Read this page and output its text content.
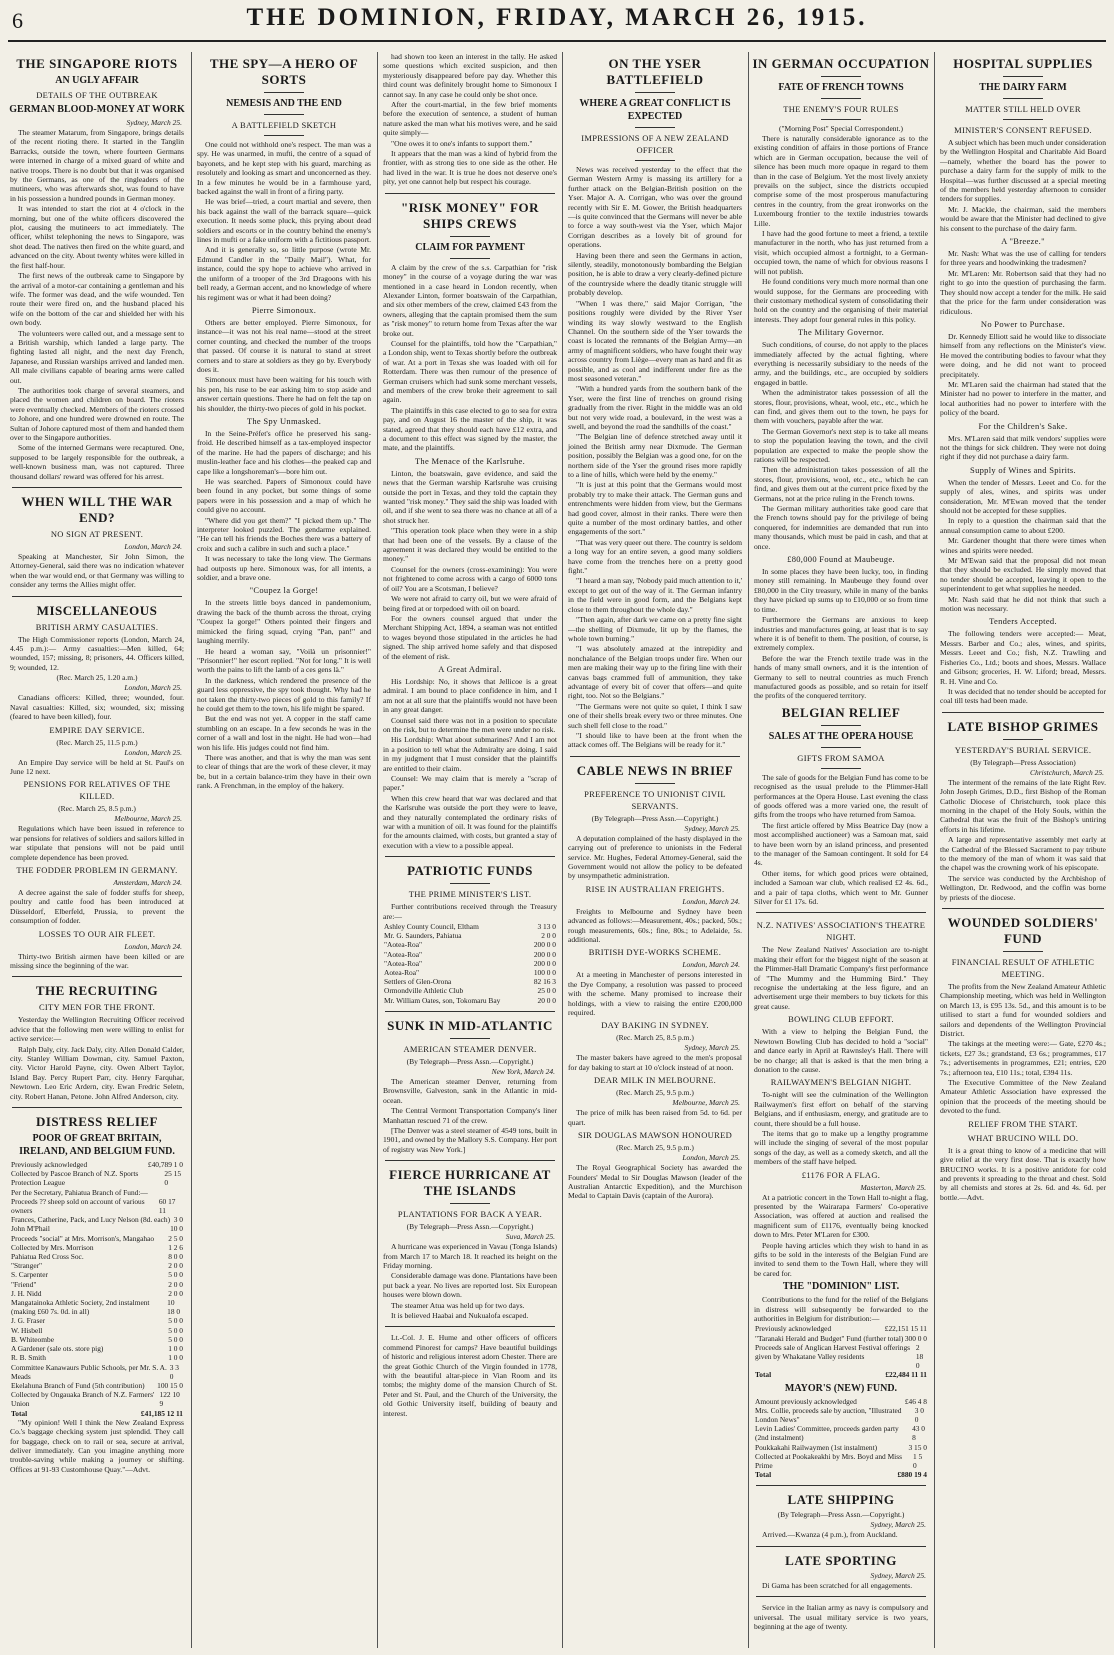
6	THE DOMINION, FRIDAY, MARCH 26, 1915.
THE SINGAPORE RIOTS
AN UGLY AFFAIR
DETAILS OF THE OUTBREAK
GERMAN BLOOD-MONEY AT WORK
Sydney, March 25.

The steamer Matarum, from Singapore, brings details of the recent rioting there. It started in the Tanglin Barracks, outside the town, where fourteen Germans were interned in charge of a mixed guard of white and native troops. There is no doubt but that it was organised by the Germans, as one of the ringleaders of the mutineers, who was afterwards shot, was found to have in his possession a hundred pounds in German money.

It was intended to start the riot at 4 o'clock in the morning, but one of the white officers discovered the plot, causing the mutineers to act immediately. The officer, whilst telephoning the news to Singapore, was shot dead. The natives then fired on the white guard, and advanced on the city. About twenty whites were killed in the first half-hour.

The first news of the outbreak came to Singapore by the arrival of a motor-car containing a gentleman and his wife. The former was dead, and the wife wounded. Ten route their were fired on, and the husband placed his wife on the bottom of the car and shielded her with his own body.

The volunteers were called out, and a message sent to a British warship, which landed a large party. The fighting lasted all night, and the next day French, Japanese, and Russian warships arrived and landed men. All male civilians capable of bearing arms were called out.

The authorities took charge of several steamers, and placed the women and children on board. The rioters were eventually checked. Members of the rioters crossed to Johore, and one hundred were drowned en route. The Sultan of Johore captured most of them and handed them over to the Singapore authorities.

Some of the interned Germans were recaptured. One, supposed to be largely responsible for the outbreak, a well-known business man, was not captured. Three thousand dollars' reward was offered for his arrest.

WHEN WILL THE WAR END?
NO SIGN AT PRESENT.
London, March 24.

Speaking at Manchester, Sir John Simon, the Attorney-General, said there was no indication whatever when the war would end, or that Germany was willing to consider any terms the Allies might offer.

MISCELLANEOUS
BRITISH ARMY CASUALTIES.

The High Commissioner reports (London, March 24, 4.45 p.m.):— Army casualties:—Men killed, 64; wounded, 157; missing, 8; prisoners, 44. Officers killed, 9; wounded, 12.

(Rec. March 25, 1.20 a.m.)
London, March 25.

Canadians officers: Killed, three; wounded, four. Naval casualties: Killed, six; wounded, six; missing (feared to have been killed), four.

EMPIRE DAY SERVICE.
(Rec. March 25, 11.5 p.m.)
London, March 25.

An Empire Day service will be held at St. Paul's on June 12 next.

PENSIONS FOR RELATIVES OF THE KILLED.
(Rec. March 25, 8.5 p.m.)
Melbourne, March 25.

Regulations which have been issued in reference to war pensions for relatives of soldiers and sailors killed in war stipulate that pensions will not be paid until complete dependence has been proved.

THE FODDER PROBLEM IN GERMANY.
Amsterdam, March 24.

A decree against the sale of fodder stuffs for sheep, poultry and cattle food has been introduced at Düsseldorf, Elberfeld, Prussia, to prevent the consumption of fodder.

LOSSES TO OUR AIR FLEET.
London, March 24.

Thirty-two British airmen have been killed or are missing since the beginning of the war.

THE RECRUITING
CITY MEN FOR THE FRONT.

Yesterday the Wellington Recruiting Officer received advice that the following men were willing to enlist for active service:—

Ralph Daly, city. Jack Daly, city. Allen Donald Calder, city. Stanley William Dowman, city. Samuel Paxton, city. Victor Harold Payne, city. Owen Albert Taylor, Island Bay. Percy Rupert Parr, city. Henry Farquhar, Newtown. Leo Eric Ardern, city. Ewan Fredric Seletn, city. Robert Hanan, Petone. John Alfred Anderson, city.

DISTRESS RELIEF
POOR OF GREAT BRITAIN, IRELAND, AND BELGIUM FUND.
Previously acknowledged	£40,789 1 0
Collected by Pascoe Branch of N.Z. Sports Protection League
25 15 0
Per the Secretary, Pahiatua Branch of Fund:—
Proceeds ?? sheep sold on account of various owners
60 17 11
Frances, Catherine, Pack, and Lucy Nelson (8d. each) 3 0
John M'Phail	10 0
Proceeds "social" at Mrs. Morrison's, Mangahao 2 5 0
Collected by Mrs. Morrison	1 2 6
Pahiatua Red Cross Soc.	8 0 0
"Stranger"	2 0 0
S. Carpenter	5 0 0
"Friend"	2 0 0
J. H. Nidd	2 0 0
Mangatainoka Athletic Society, 2nd instalment (making £60 7s. 0d. in all)
10 18 0
J. G. Fraser	5 0 0
W. Hisbell	5 0 0
B. Whiteombe	5 0 0
A Gardener (sale ots. store pig)	1 0 0
R. B. Smith	1 0 0
Committee Kanawaurs Public Schools, per Mr. S. A. Meads
3 3 0
Ekelahuna Branch of Fund (5th contribution) 100 15 0
Collected by Ongauaka Branch of N.Z. Farmers' Union
122 10 9
Total	£41,185 12 11

"My opinion! Well I think the New Zealand Express Co.'s baggage checking system just splendid. They call for baggage, check on to rail or sea, secure at arrival, deliver immediately. Can you imagine anything more trouble-saving while making a journey or shifting. Offices at 91-93 Customhouse Quay."—Advt.

THE SPY—A HERO OF SORTS
NEMESIS AND THE END
A BATTLEFIELD SKETCH

One could not withhold one's respect. The man was a spy. He was unarmed, in mufti, the centre of a squad of bayonets, and he kept step with his guard, marching as resolutely and looking as smart and unconcerned as they. In a few minutes he would be in a farmhouse yard, backed against the wall in front of a firing party.

He was brief—tried, a court martial and severe, then his back against the wall of the barrack square—quick execution. It needs some pluck, this prying about dead soldiers and escorts or in the country behind the enemy's lines in mufti or a fake uniform with a fictitious passport.

And it is generally so, so little purpose (wrote Mr. Edmund Candler in the "Daily Mail"). What, for instance, could the spy hope to achieve who arrived in the uniform of a trooper of the 3rd Dragoons with his bell ready, a German accent, and no knowledge of where his regiment was or what it had been doing?

Pierre Simonoux.

Others are better employed. Pierre Simonoux, for instance—it was not his real name—stood at the street corner counting, and checked the number of the troops that passed. Of course it is natural to stand at street corners and to stare at soldiers as they go by. Everybody does it.

Simonoux must have been waiting for his touch with his pen, his ruse to be ear asking him to stop aside and answer certain questions. There he had on felt the tap on his shoulder, the thirty-two pieces of gold in his pocket.

The Spy Unmasked.

In the Seine-Préfet's office he preserved his sang-froid. He described himself as a tax-employed inspector of the marine. He had the papers of discharge; and his muslin-leather face and his clothes—the peaked cap and cape like a longshoreman's—bore him out.

He was searched. Papers of Simonoux could have been found in any pocket, but some things of some papers were in his possession and a map of which he could give no account.

"Where did you get them?" "I picked them up." The interpreter looked puzzled. The gendarme explained. "He can tell his friends the Boches there was a battery of croix and such a calibre in such and such a place."

It was necessary to take the long view. The Germans had outposts up here. Simonoux was, for all intents, a soldier, and a brave one.

"Coupez la Gorge!

In the streets little boys danced in pandemonium, drawing the back of the thumb across the throat, crying "Coupez la gorge!" Others pointed their fingers and mimicked the firing squad, crying "Pan, pan!" and laughing merrily.

He heard a woman say, "Voilà un prisonnier!" "Prisonnier!" her escort replied. "Not for long." It is well worth the pains to lift the lamb of a ces gens là."

In the darkness, which rendered the presence of the guard less oppressive, the spy took thought. Why had he not taken the thirty-two pieces of gold to this family? If he could get them to the town, his life might be spared.

But the end was not yet. A copper in the staff came stumbling on an escape. In a few seconds he was in the corner of a wall and lost in the night. He had won—had won his life. His judges could not find him.

There was another, and that is why the man was sent to clear of things that are the work of these clever, it may be, but in a certain balance-trim they have in their own rank. A Frenchman, in the employ of the hakery.

had shown too keen an interest in the tally. He asked some questions which excited suspicion, and then mysteriously disappeared before pay day. Whether this third count was definitely brought home to Simonoux I cannot say. In any case he could only be shot once.

After the court-martial, in the few brief moments before the execution of sentence, a student of human nature asked the man what his motives were, and he said quite simply—

"One owes it to one's infants to support them."

It appears that the man was a kind of hybrid from the frontier, with as strong ties to one side as the other. He had lived in the war. It is true he does not deserve one's pity, yet one cannot help but respect his courage.

"RISK MONEY" FOR SHIPS CREWS
CLAIM FOR PAYMENT

A claim by the crew of the s.s. Carpathian for "risk money" in the course of a voyage during the war was mentioned in a case heard in London recently, when Alexander Linton, former boatswain of the Carpathian, and six other members of the crew, claimed £43 from the owners, alleging that the captain promised them the sum as "risk money" to return home from Texas after the war broke out.

Counsel for the plaintiffs, told how the "Carpathian," a London ship, went to Texas shortly before the outbreak of war. At a port in Texas she was loaded with oil for Rotterdam. There was then rumour of the presence of German cruisers which had sunk some merchant vessels, and members of the crew broke their agreement to sail again.

The plaintiffs in this case elected to go to sea for extra pay, and on August 16 the master of the ship, it was stated, agreed that they should each have £12 extra, and a document to this effect was signed by the master, the mate, and the plaintiffs.

The Menace of the Karlsruhe.

Linton, the boatswain, gave evidence, and said the news that the German warship Karlsruhe was cruising outside the port in Texas, and they told the captain they wanted "risk money." They said the ship was loaded with oil, and if she went to sea there was no chance at all of a shot struck her.

"This operation took place when they were in a ship that had been one of the vessels. By a clause of the agreement it was declared they would be entitled to the money."

Counsel for the owners (cross-examining): You were not frightened to come across with a cargo of 6000 tons of oil? You are a Scotsman, I believe?

We were not afraid to carry oil, but we were afraid of being fired at or torpedoed with oil on board.

For the owners counsel argued that under the Merchant Shipping Act, 1894, a seaman was not entitled to wages beyond those stipulated in the articles he had signed. The ship arrived home safely and that disposed of the element of risk.

A Great Admiral.

His Lordship: No, it shows that Jellicoe is a great admiral. I am bound to place confidence in him, and I am not at all sure that the plaintiffs would not have been in any great danger.

Counsel said there was not in a position to speculate on the risk, but to determine the men were under no risk.

His Lordship: What about submarines? And I am not in a position to tell what the Admiralty are doing. I said in my judgment that I must consider that the plaintiffs are entitled to their claim.

Counsel: We may claim that is merely a "scrap of paper."

When this crew heard that war was declared and that the Karlsruhe was outside the port they were to leave, and they naturally contemplated the ordinary risks of war with a munition of oil. It was found for the plaintiffs for the amounts claimed, with costs, but granted a stay of execution with a view to a possible appeal.

PATRIOTIC FUNDS
THE PRIME MINISTER'S LIST.

Further contributions received through the Treasury are:—

Ashley County Council, Eltham	3 13 0
Mr. G. Saunders, Pahiatua	2 0 0
"Aotea-Roa"	200 0 0
"Aotea-Roa"	200 0 0
"Aotea-Roa"	200 0 0
Aotea-Roa"	100 0 0
Settlers of Glen-Orona	82 16 3
Ormondville Athletic Club	25 0 0
Mr. William Oates, son, Tokomaru Bay	20 0 0
SUNK IN MID-ATLANTIC
AMERICAN STEAMER DENVER.
(By Telegraph—Press Assn.—Copyright.)
New York, March 24.

The American steamer Denver, returning from Brownsville, Galveston, sank in the Atlantic in mid-ocean.

The Central Vermont Transportation Company's liner Manhattan rescued 71 of the crew.

[The Denver was a steel steamer of 4549 tons, built in 1901, and owned by the Mallory S.S. Company. Her port of registry was New York.]

FIERCE HURRICANE AT THE ISLANDS
PLANTATIONS FOR BACK A YEAR.
(By Telegraph—Press Assn.—Copyright.)
Suva, March 25.

A hurricane was experienced in Vavau (Tonga Islands) from March 17 to March 18. It reached its height on the Friday morning.

Considerable damage was done. Plantations have been put back a year. No lives are reported lost. Six European houses were blown down.

The steamer Atua was held up for two days.

It is believed Haabai and Nukualofa escaped.

Lt.-Col. J. E. Hume and other officers of officers commend Pinorest for camps? Have beautiful buildings of historic and religious interest adorn Chester. There are the great Gothic Church of the Virgin founded in 1778, with the beautiful altar-piece in Vian Room and its tombs; the mighty dome of the mansion Church of St. Peter and St. Paul, and the Church of the University, the old Gothic University itself, building of beauty and interest.

ON THE YSER BATTLEFIELD
WHERE A GREAT CONFLICT IS EXPECTED
IMPRESSIONS OF A NEW ZEALAND OFFICER

News was received yesterday to the effect that the German Western Army is massing its artillery for a further attack on the Belgian-British position on the Yser. Major A. A. Corrigan, who was over the ground recently with Sir E. M. Gower, the British headquarters—is quite convinced that the Germans will never be able to force a way south-west via the Yser, which Major Corrigan describes as a lovely bit of ground for operations.

Having been there and seen the Germans in action, silently, steadily, monotonously bombarding the Belgian position, he is able to draw a very clearly-defined picture of the countryside where the deadly titanic struggle will probably develop.

"When I was there," said Major Corrigan, "the positions roughly were divided by the River Yser winding its way slowly westward to the English Channel. On the southern side of the Yser towards the coast is located the remnants of the Belgian Army—an army of magnificent soldiers, who have fought their way across country from Liège—every man as hard and fit as possible, and as cool and indifferent under fire as the most seasoned veteran."

"With a hundred yards from the southern bank of the Yser, were the first line of trenches on ground rising gradually from the river. Right in the middle was an old but not very wide road, a boulevard, in the west was a swell, and beyond the road the sandhills of the coast."

"The Belgian line of defence stretched away until it joined the British army near Dixmude. The German position, possibly the Belgian was a good one, for on the northern side of the Yser the ground rises more rapidly to a line of hills, which were held by the enemy."

"It is just at this point that the Germans would most probably try to make their attack. The German guns and entrenchments were hidden from view, but the Germans had good cover, almost in their ranks. There were then quite a number of the most ordinary battles, and other engagements of the sort."

"That was very queer out there. The country is seldom a long way for an entire seven, a good many soldiers have come from the trenches here on a pretty good fight."

"I heard a man say, 'Nobody paid much attention to it,' except to get out of the way of it. The German infantry in the field were in good form, and the Belgians kept close to them throughout the whole day."

"Then again, after dark we came on a pretty fine sight—the shelling of Dixmude, lit up by the flames, the whole town burning."

"I was absolutely amazed at the intrepidity and nonchalance of the Belgian troops under fire. When our men are making their way up to the firing line with their canvas bags crammed full of ammunition, they take advantage of every bit of cover that offers—and quite right, too. Not so the Belgians."

"The Germans were not quite so quiet, I think I saw one of their shells break every two or three minutes. One such shell fell close to the road."

"I should like to have been at the front when the attack comes off. The Belgians will be ready for it."

CABLE NEWS IN BRIEF
PREFERENCE TO UNIONIST CIVIL SERVANTS.
(By Telegraph—Press Assn.—Copyright.)
Sydney, March 25.

A deputation complained of the hasty displayed in the carrying out of preference to unionists in the Federal service. Mr. Hughes, Federal Attorney-General, said the Government would not allow the policy to be defeated by unsympathetic administration.

RISE IN AUSTRALIAN FREIGHTS.
London, March 24.

Freights to Melbourne and Sydney have been advanced as follows:—Measurement, 40s.; packed, 50s.; rough measurements, 60s.; fine, 80s.; to Adelaide, 5s. additional.

BRITISH DYE-WORKS SCHEME.
London, March 24.

At a meeting in Manchester of persons interested in the Dye Company, a resolution was passed to proceed with the scheme. Many promised to increase their holdings, with a view to raising the entire £200,000 required.

DAY BAKING IN SYDNEY.
(Rec. March 25, 8.5 p.m.)
Sydney, March 25.

The master bakers have agreed to the men's proposal for day baking to start at 10 o'clock instead of at noon.

DEAR MILK IN MELBOURNE.
(Rec. March 25, 9.5 p.m.)
Melbourne, March 25.

The price of milk has been raised from 5d. to 6d. per quart.

SIR DOUGLAS MAWSON HONOURED
(Rec. March 25, 9.5 p.m.)
London, March 25.

The Royal Geographical Society has awarded the Founders' Medal to Sir Douglas Mawson (leader of the Australian Antarctic Expedition), and the Murchison Medal to Captain Davis (captain of the Aurora).

IN GERMAN OCCUPATION
FATE OF FRENCH TOWNS
THE ENEMY'S FOUR RULES
("Morning Post" Special Correspondent.)

There is naturally considerable ignorance as to the existing condition of affairs in those portions of France which are in German occupation, because the veil of silence has been much more opaque in regard to them than in the case of Belgium. Yet the most lively anxiety prevails on the subject, since the districts occupied comprise some of the most prosperous manufacturing centres in the country, from the great ironworks on the Luxembourg frontier to the textile industries towards Lille.

I have had the good fortune to meet a friend, a textile manufacturer in the north, who has just returned from a visit, which occupied almost a fortnight, to a German-occupied town, the name of which for obvious reasons I will not publish.

He found conditions very much more normal than one would suppose, for the Germans are proceeding with their customary methodical system of consolidating their hold on the country and the organising of their material interests. They adopt four general rules in this policy.

The Military Governor.

Such conditions, of course, do not apply to the places immediately affected by the actual fighting, where everything is necessarily subsidiary to the needs of the army, and the buildings, etc., are occupied by soldiers engaged in battle.

When the administrator takes possession of all the stores, flour, provisions, wheat, wool, etc., etc., which he can find, and gives them out to the town, he pays for them with vouchers, payable after the war.

The German Governor's next step is to take all means to stop the population leaving the town, and the civil population are expected to make the people show the rations will be respected.

Then the administration takes possession of all the stores, flour, provisions, wool, etc., etc., which he can find, and gives them out at the current price fixed by the Germans, not at the price ruling in the French towns.

The German military authorities take good care that the French towns should pay for the privilege of being conquered, for indemnities are demanded that run into many thousands, which must be paid in cash, and that at once.

£80,000 Found at Maubeuge.

In some places they have been lucky, too, in finding money still remaining. In Maubeuge they found over £80,000 in the City treasury, while in many of the banks they have picked up sums up to £10,000 or so from time to time.

Furthermore the Germans are anxious to keep industries and manufactures going, at least that is to say where it is of benefit to them. The position, of course, is extremely complex.

Before the war the French textile trade was in the hands of many small owners, and it is the intention of Germany to sell to neutral countries as much French manufactured goods as possible, and so retain for itself the profits of the conquered territory.

BELGIAN RELIEF
SALES AT THE OPERA HOUSE
GIFTS FROM SAMOA

The sale of goods for the Belgian Fund has come to be recognised as the usual prelude to the Plimmer-Hall performances at the Opera House. Last evening the class of goods offered was a more varied one, the result of gifts from the troops who have returned from Samoa.

The first article offered by Miss Beatrice Day (now a most accomplished auctioneer) was a Samoan mat, said to have been worn by an island princess, and presented to the manager of the Samoan contingent. It sold for £4 4s.

Other items, for which good prices were obtained, included a Samoan war club, which realised £2 4s. 6d., and a pair of tapa cloths, which went to Mr. Gunner Silver for £1 17s. 6d.

N.Z. NATIVES' ASSOCIATION'S THEATRE NIGHT.

The New Zealand Natives' Association are to-night making their effort for the biggest night of the season at the Plimmer-Hall Dramatic Company's first performance of "The Mummy and the Humming Bird." They recognise the undertaking at the less figure, and an advertisement urge their members to buy tickets for this great cause.

BOWLING CLUB EFFORT.

With a view to helping the Belgian Fund, the Newtown Bowling Club has decided to hold a "social" and dance early in April at Rawnsley's Hall. There will be no charge; all that is asked is that the men bring a donation to the cause.

RAILWAYMEN'S BELGIAN NIGHT.

To-night will see the culmination of the Wellington Railwaymen's first effort on behalf of the starving Belgians, and if enthusiasm, energy, and gratitude are to count, there should be a full house.

The items that go to make up a lengthy programme will include the singing of several of the most popular songs of the day, as well as a comedy sketch, and all the members of the staff have helped.

£1176 FOR A FLAG.
Masterton, March 25.

At a patriotic concert in the Town Hall to-night a flag, presented by the Wairarapa Farmers' Co-operative Association, was offered at auction and realised the magnificent sum of £1176, eventually being knocked down to Mrs. Peter M'Laren for £300.

People having articles which they wish to hand in as gifts to be sold in the interests of the Belgian Fund are invited to send them to the Town Hall, where they will be cared for.

THE "DOMINION" LIST.

Contributions to the fund for the relief of the Belgians in distress will subsequently be forwarded to the authorities in Belgium for distribution:—

Previously acknowledged	£22,151 15 11
"Taranaki Herald and Budget" Fund (further total) 300 0 0
Proceeds sale of Anglican Harvest Festival offerings given by Whakatane Valley residents
2 18 0
Total	£22,484 11 11
MAYOR'S (NEW) FUND.
Amount previously acknowledged	£46 4 8
Mrs. Collie, proceeds sale by auction, "Illustrated London News"
3 0 0
Levin Ladies' Committee, proceeds garden party (2nd instalment)
43 0 8
Poukkakahi Railwaymen (1st instalment)	3 15 0
Collected at Pookakeakhi by Mrs. Boyd and Miss Prime
1 5 0
Total	£880 19 4
LATE SHIPPING
(By Telegraph—Press Assn.—Copyright.)
Sydney, March 25.

Arrived.—Kwanza (4 p.m.), from Auckland.

LATE SPORTING
Sydney, March 25.

Di Gama has been scratched for all engagements.

Service in the Italian army as navy is compulsory and universal. The usual military service is two years, beginning at the age of twenty.

HOSPITAL SUPPLIES
THE DAIRY FARM
MATTER STILL HELD OVER
MINISTER'S CONSENT REFUSED.

A subject which has been much under consideration by the Wellington Hospital and Charitable Aid Board—namely, whether the board has the power to purchase a dairy farm for the supply of milk to the Hospital—was further discussed at a special meeting of the members held yesterday afternoon to consider tenders for supplies.

Mr. J. Mackle, the chairman, said the members would be aware that the Minister had declined to give his consent to the purchase of the dairy farm.

A "Breeze."

Mr. Nash: What was the use of calling for tenders for three years and hoodwinking the tradesmen?

Mr. M'Laren: Mr. Robertson said that they had no right to go into the question of purchasing the farm. They should now accept a tender for the milk. He said that the price for the farm under consideration was ridiculous.

No Power to Purchase.

Dr. Kennedy Elliott said he would like to dissociate himself from any reflections on the Minister's view. He moved the contributing bodies to favour what they were doing, and he did not want to proceed precipitately.

Mr. M'Laren said the chairman had stated that the Minister had no power to interfere in the matter, and local authorities had no power to interfere with the policy of the board.

For the Children's Sake.

Mrs. M'Laren said that milk vendors' supplies were not the things for sick children. They were not doing right if they did not purchase a dairy farm.

Supply of Wines and Spirits.

When the tender of Messrs. Leeet and Co. for the supply of ales, wines, and spirits was under consideration, Mr. M'Ewan moved that the tender should not be accepted for these supplies.

In reply to a question the chairman said that the annual consumption came to about £200.

Mr. Gardener thought that there were times when wines and spirits were needed.

Mr M'Ewan said that the proposal did not mean that they should be excluded. He simply moved that no tender should be accepted, leaving it open to the superintendent to get what supplies he needed.

Mr. Nash said that he did not think that such a motion was necessary.

Tenders Accepted.

The following tenders were accepted:— Meat, Messrs. Barber and Co.; ales, wines, and spirits, Messrs. Leeet and Co.; fish, N.Z. Trawling and Fisheries Co., Ltd.; boots and shoes, Messrs. Wallace and Gibson; groceries, H. W. Liford; bread, Messrs. R. H. Vine and Co.

It was decided that no tender should be accepted for coal till tests had been made.

LATE BISHOP GRIMES
YESTERDAY'S BURIAL SERVICE.
(By Telegraph—Press Association)
Christchurch, March 25.

The interment of the remains of the late Right Rev. John Joseph Grimes, D.D., first Bishop of the Roman Catholic Diocese of Christchurch, took place this morning in the chapel of the Holy Souls, within the Cathedral that was the fruit of the Bishop's untiring efforts in his lifetime.

A large and representative assembly met early at the Cathedral of the Blessed Sacrament to pay tribute to the memory of the man of whom it was said that the chapel was the crowning work of his episcopate.

The service was conducted by the Archbishop of Wellington, Dr. Redwood, and the coffin was borne by priests of the diocese.

WOUNDED SOLDIERS' FUND
FINANCIAL RESULT OF ATHLETIC MEETING.

The profits from the New Zealand Amateur Athletic Championship meeting, which was held in Wellington on March 13, is £95 13s. 5d., and this amount is to be utilised to start a fund for wounded soldiers and sailors and dependents of the Wellington Provincial District.

The takings at the meeting were:— Gate, £270 4s.; tickets, £27 3s.; grandstand, £3 6s.; programmes, £17 7s.; advertisements in programmes, £21; entries, £20 7s.; afternoon tea, £10 11s.; total, £394 11s.

The Executive Committee of the New Zealand Amateur Athletic Association have expressed the opinion that the proceeds of the meeting should be devoted to the fund.

RELIEF FROM THE START.
WHAT BRUCINO WILL DO.

It is a great thing to know of a medicine that will give relief at the very first dose. That is exactly how BRUCINO works. It is a positive antidote for cold and prevents it spreading to the throat and chest. Sold by all chemists and stores at 2s. 6d. and 4s. 6d. per bottle.—Advt.
